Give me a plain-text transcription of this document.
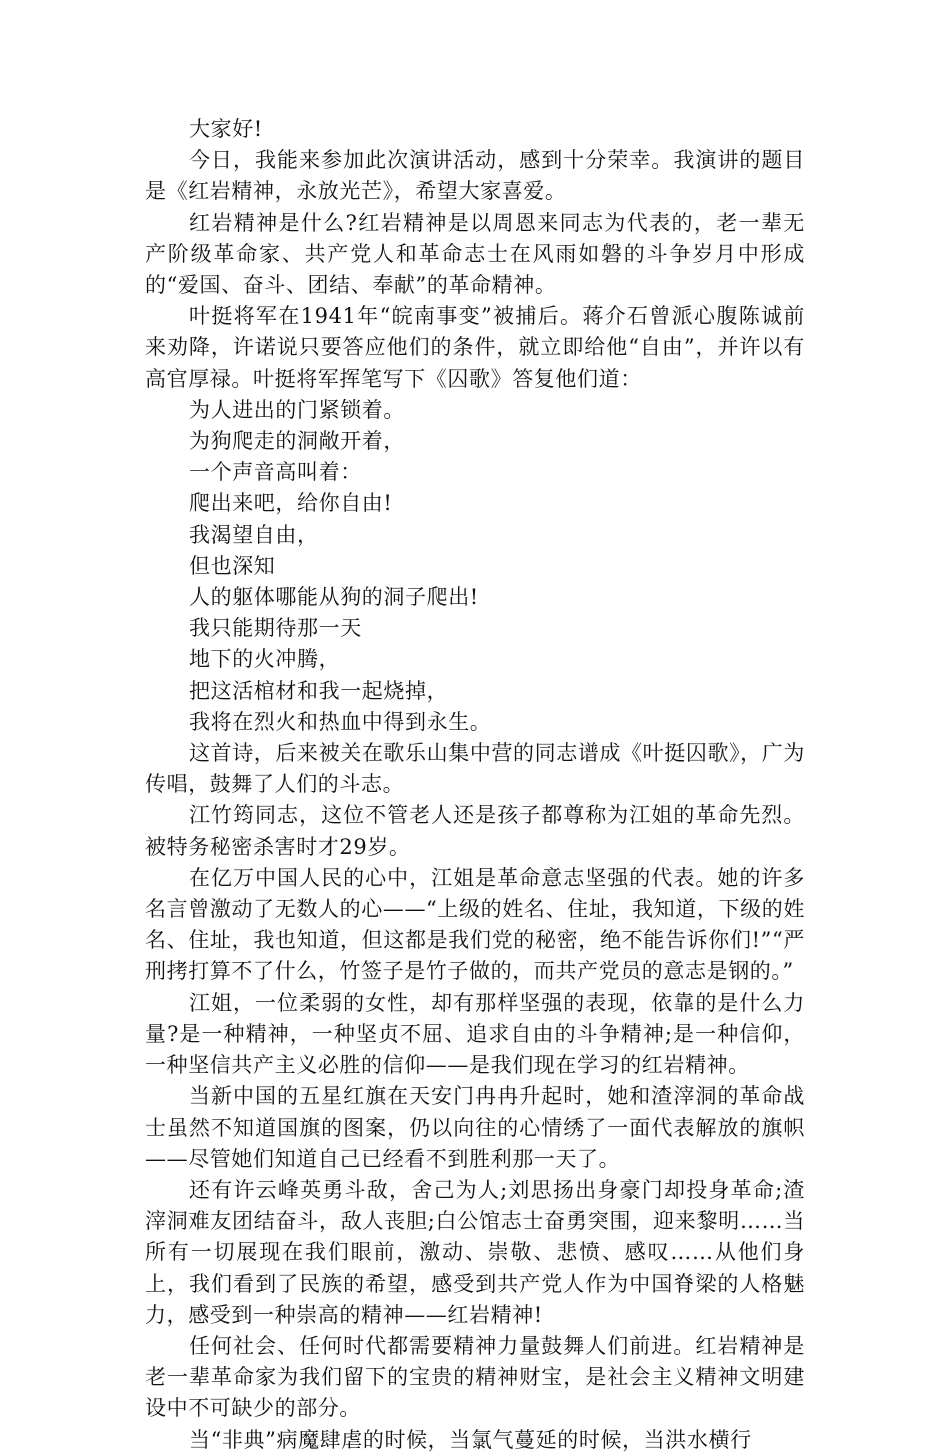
大家好!

今日，我能来参加此次演讲活动，感到十分荣幸。我演讲的题目是《红岩精神，永放光芒》，希望大家喜爱。

红岩精神是什么?红岩精神是以周恩来同志为代表的，老一辈无产阶级革命家、共产党人和革命志士在风雨如磐的斗争岁月中形成的“爱国、奋斗、团结、奉献”的革命精神。

叶挺将军在1941年“皖南事变”被捕后。蒋介石曾派心腹陈诚前来劝降，许诺说只要答应他们的条件，就立即给他“自由”，并许以有高官厚禄。叶挺将军挥笔写下《囚歌》答复他们道：

为人进出的门紧锁着。

为狗爬走的洞敞开着，

一个声音高叫着：

爬出来吧，给你自由!

我渴望自由，

但也深知

人的躯体哪能从狗的洞子爬出!

我只能期待那一天

地下的火冲腾，

把这活棺材和我一起烧掉，

我将在烈火和热血中得到永生。

这首诗，后来被关在歌乐山集中营的同志谱成《叶挺囚歌》，广为传唱，鼓舞了人们的斗志。

江竹筠同志，这位不管老人还是孩子都尊称为江姐的革命先烈。被特务秘密杀害时才29岁。

在亿万中国人民的心中，江姐是革命意志坚强的代表。她的许多名言曾激动了无数人的心——“上级的姓名、住址，我知道，下级的姓名、住址，我也知道，但这都是我们党的秘密，绝不能告诉你们!”“严刑拷打算不了什么，竹签子是竹子做的，而共产党员的意志是钢的。”

江姐，一位柔弱的女性，却有那样坚强的表现，依靠的是什么力量?是一种精神，一种坚贞不屈、追求自由的斗争精神;是一种信仰，一种坚信共产主义必胜的信仰——是我们现在学习的红岩精神。

当新中国的五星红旗在天安门冉冉升起时，她和渣滓洞的革命战士虽然不知道国旗的图案，仍以向往的心情绣了一面代表解放的旗帜——尽管她们知道自己已经看不到胜利那一天了。

还有许云峰英勇斗敌，舍己为人;刘思扬出身豪门却投身革命;渣滓洞难友团结奋斗，敌人丧胆;白公馆志士奋勇突围，迎来黎明……当所有一切展现在我们眼前，激动、崇敬、悲愤、感叹……从他们身上，我们看到了民族的希望，感受到共产党人作为中国脊梁的人格魅力，感受到一种崇高的精神——红岩精神!

任何社会、任何时代都需要精神力量鼓舞人们前进。红岩精神是老一辈革命家为我们留下的宝贵的精神财宝，是社会主义精神文明建设中不可缺少的部分。

当“非典”病魔肆虐的时候，当氯气蔓延的时候，当洪水横行
